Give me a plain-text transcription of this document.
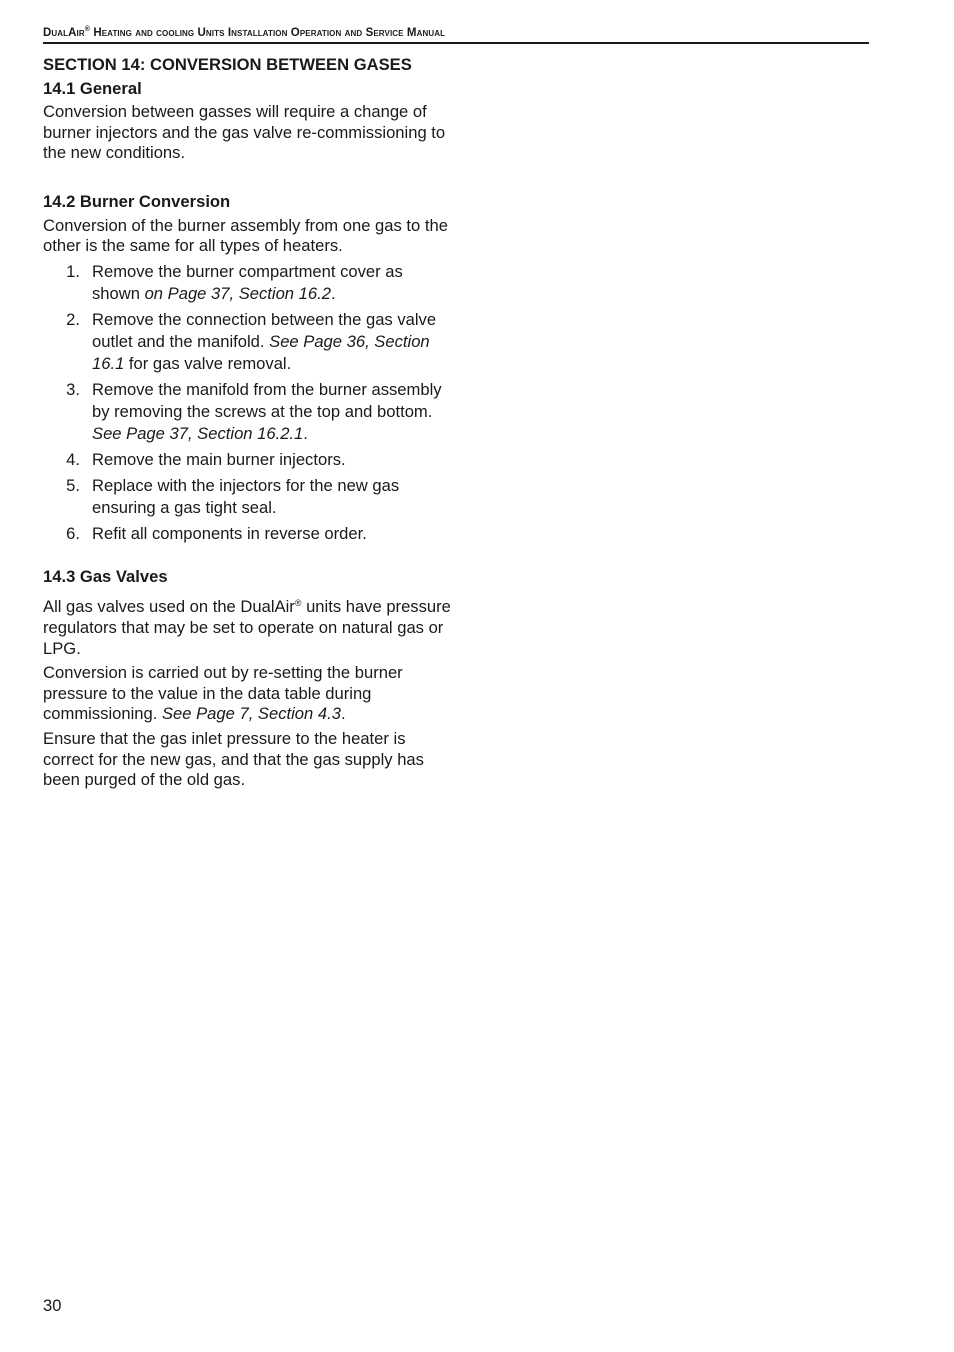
DualAir® Heating and cooling Units Installation Operation and Service Manual
SECTION 14: CONVERSION BETWEEN GASES
14.1 General

Conversion between gasses will require a change of burner injectors and the gas valve re-commissioning to the new conditions.

14.2 Burner Conversion

Conversion of the burner assembly from one gas to the other is the same for all types of heaters.

1. Remove the burner compartment cover as shown on Page 37, Section 16.2.
2. Remove the connection between the gas valve outlet and the manifold. See Page 36, Section 16.1 for gas valve removal.
3. Remove the manifold from the burner assembly by removing the screws at the top and bottom. See Page 37, Section 16.2.1.
4. Remove the main burner injectors.
5. Replace with the injectors for the new gas ensuring a gas tight seal.
6. Refit all components in reverse order.
14.3 Gas Valves

All gas valves used on the DualAir® units have pressure regulators that may be set to operate on natural gas or LPG.

Conversion is carried out by re-setting the burner pressure to the value in the data table during commissioning. See Page 7, Section 4.3.

Ensure that the gas inlet pressure to the heater is correct for the new gas, and that the gas supply has been purged of the old gas.

30
